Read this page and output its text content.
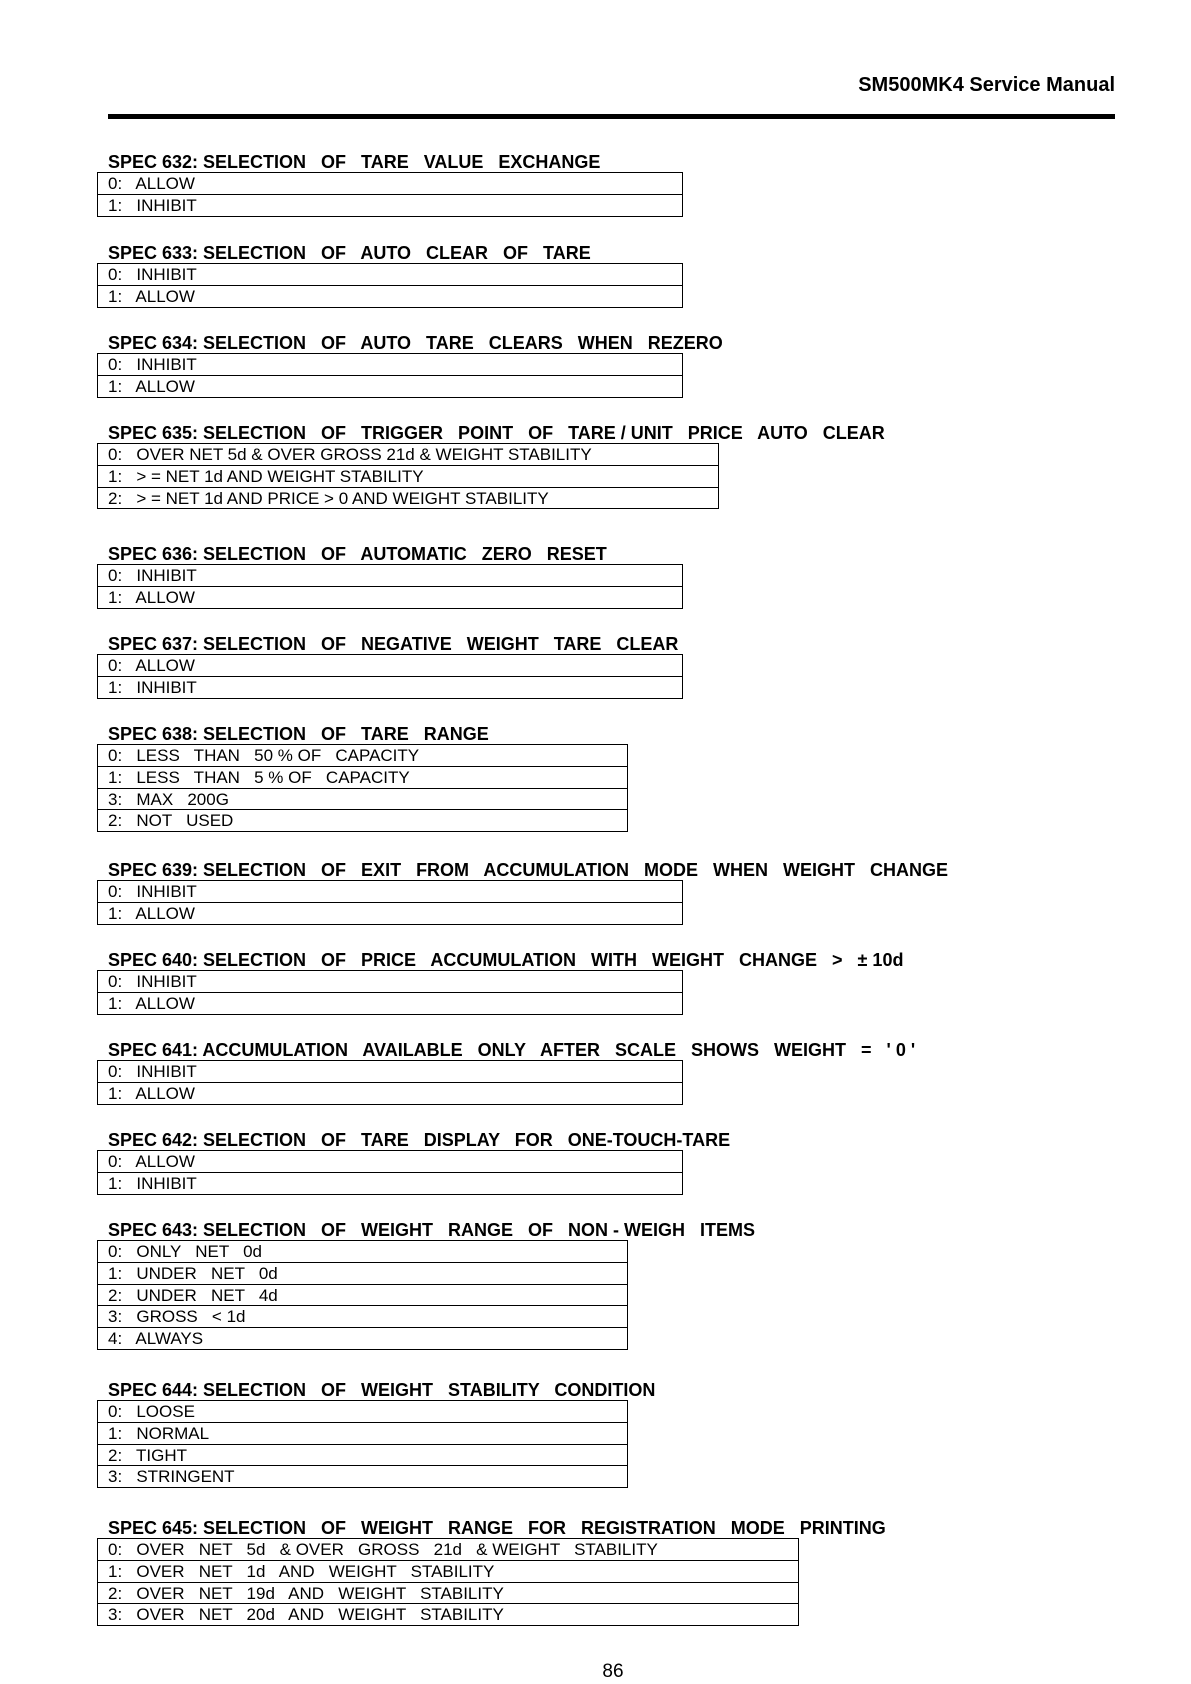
SM500MK4 Service Manual
SPEC 632: SELECTION   OF   TARE   VALUE   EXCHANGE
0:   ALLOW
1:   INHIBIT
SPEC 633: SELECTION   OF   AUTO   CLEAR   OF   TARE
0:   INHIBIT
1:   ALLOW
SPEC 634: SELECTION   OF   AUTO   TARE   CLEARS   WHEN   REZERO
0:   INHIBIT
1:   ALLOW
SPEC 635: SELECTION   OF   TRIGGER   POINT   OF   TARE / UNIT   PRICE   AUTO   CLEAR
0:   OVER NET 5d & OVER GROSS 21d & WEIGHT STABILITY
1:   > = NET 1d AND WEIGHT STABILITY
2:   > = NET 1d AND PRICE > 0 AND WEIGHT STABILITY
SPEC 636: SELECTION   OF   AUTOMATIC   ZERO   RESET
0:   INHIBIT
1:   ALLOW
SPEC 637: SELECTION   OF   NEGATIVE   WEIGHT   TARE   CLEAR
0:   ALLOW
1:   INHIBIT
SPEC 638: SELECTION   OF   TARE   RANGE
0:   LESS   THAN   50 % OF   CAPACITY
1:   LESS   THAN   5 % OF   CAPACITY
3:   MAX   200G
2:   NOT   USED
SPEC 639: SELECTION   OF   EXIT   FROM   ACCUMULATION   MODE   WHEN   WEIGHT   CHANGE
0:   INHIBIT
1:   ALLOW
SPEC 640: SELECTION   OF   PRICE   ACCUMULATION   WITH   WEIGHT   CHANGE   >   ± 10d
0:   INHIBIT
1:   ALLOW
SPEC 641: ACCUMULATION   AVAILABLE   ONLY   AFTER   SCALE   SHOWS   WEIGHT   =   ' 0 '
0:   INHIBIT
1:   ALLOW
SPEC 642: SELECTION   OF   TARE   DISPLAY   FOR   ONE-TOUCH-TARE
0:   ALLOW
1:   INHIBIT
SPEC 643: SELECTION   OF   WEIGHT   RANGE   OF   NON - WEIGH   ITEMS
0:   ONLY   NET   0d
1:   UNDER   NET   0d
2:   UNDER   NET   4d
3:   GROSS   < 1d
4:   ALWAYS
SPEC 644: SELECTION   OF   WEIGHT   STABILITY   CONDITION
0:   LOOSE
1:   NORMAL
2:   TIGHT
3:   STRINGENT
SPEC 645: SELECTION   OF   WEIGHT   RANGE   FOR   REGISTRATION   MODE   PRINTING
0:   OVER   NET   5d   & OVER   GROSS   21d   & WEIGHT   STABILITY
1:   OVER   NET   1d   AND   WEIGHT   STABILITY
2:   OVER   NET   19d   AND   WEIGHT   STABILITY
3:   OVER   NET   20d   AND   WEIGHT   STABILITY
86
